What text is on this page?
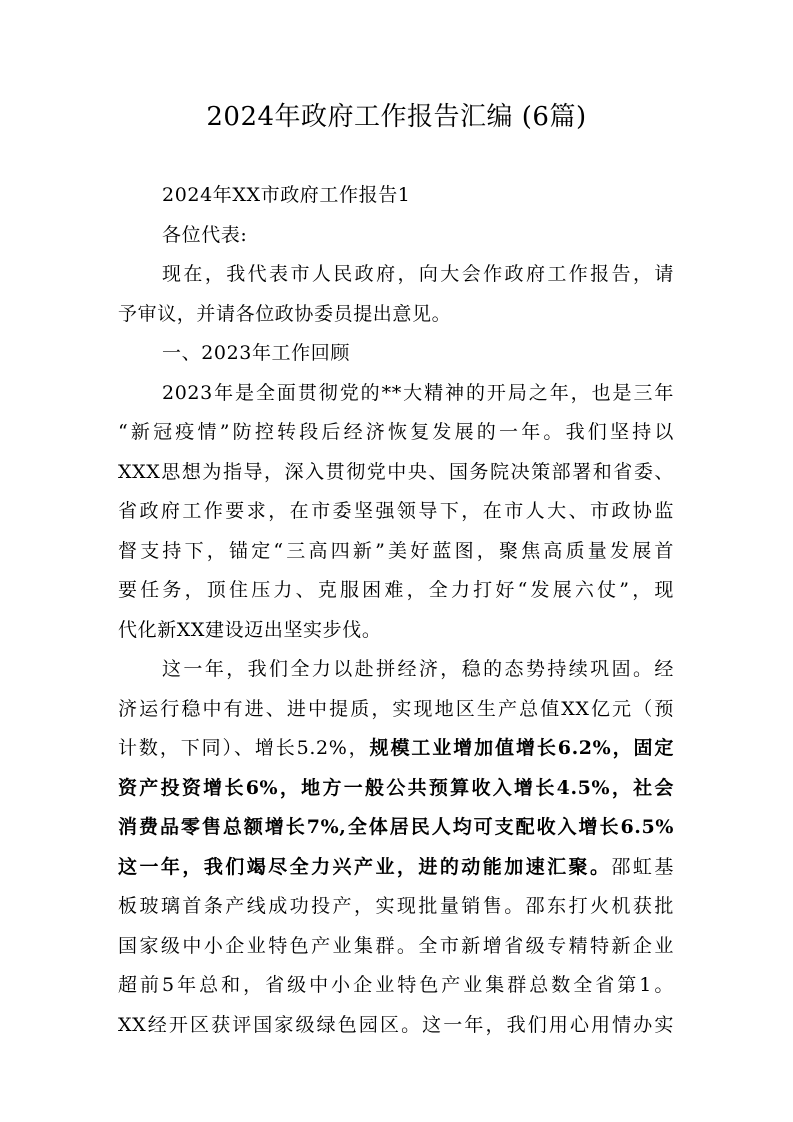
2024年政府工作报告汇编 (6篇)
2024年XX市政府工作报告1
各位代表:
现在，我代表市人民政府，向大会作政府工作报告，请
予审议，并请各位政协委员提出意见。
一、2023年工作回顾
2023年是全面贯彻党的**大精神的开局之年，也是三年
“新冠疫情”防控转段后经济恢复发展的一年。我们坚持以
XXX思想为指导，深入贯彻党中央、国务院决策部署和省委、
省政府工作要求，在市委坚强领导下，在市人大、市政协监
督支持下，锚定“三高四新”美好蓝图，聚焦高质量发展首
要任务，顶住压力、克服困难，全力打好“发展六仗”，现
代化新XX建设迈出坚实步伐。
这一年，我们全力以赴拼经济，稳的态势持续巩固。经
济运行稳中有进、进中提质，实现地区生产总值XX亿元（预
计数，下同）、增长5.2%，规模工业增加值增长6.2%，固定
资产投资增长6%，地方一般公共预算收入增长4.5%，社会
消费品零售总额增长7%,全体居民人均可支配收入增长6.5%
这一年，我们竭尽全力兴产业，进的动能加速汇聚。邵虹基
板玻璃首条产线成功投产，实现批量销售。邵东打火机获批
国家级中小企业特色产业集群。全市新增省级专精特新企业
超前5年总和，省级中小企业特色产业集群总数全省第1。
XX经开区获评国家级绿色园区。这一年，我们用心用情办实
